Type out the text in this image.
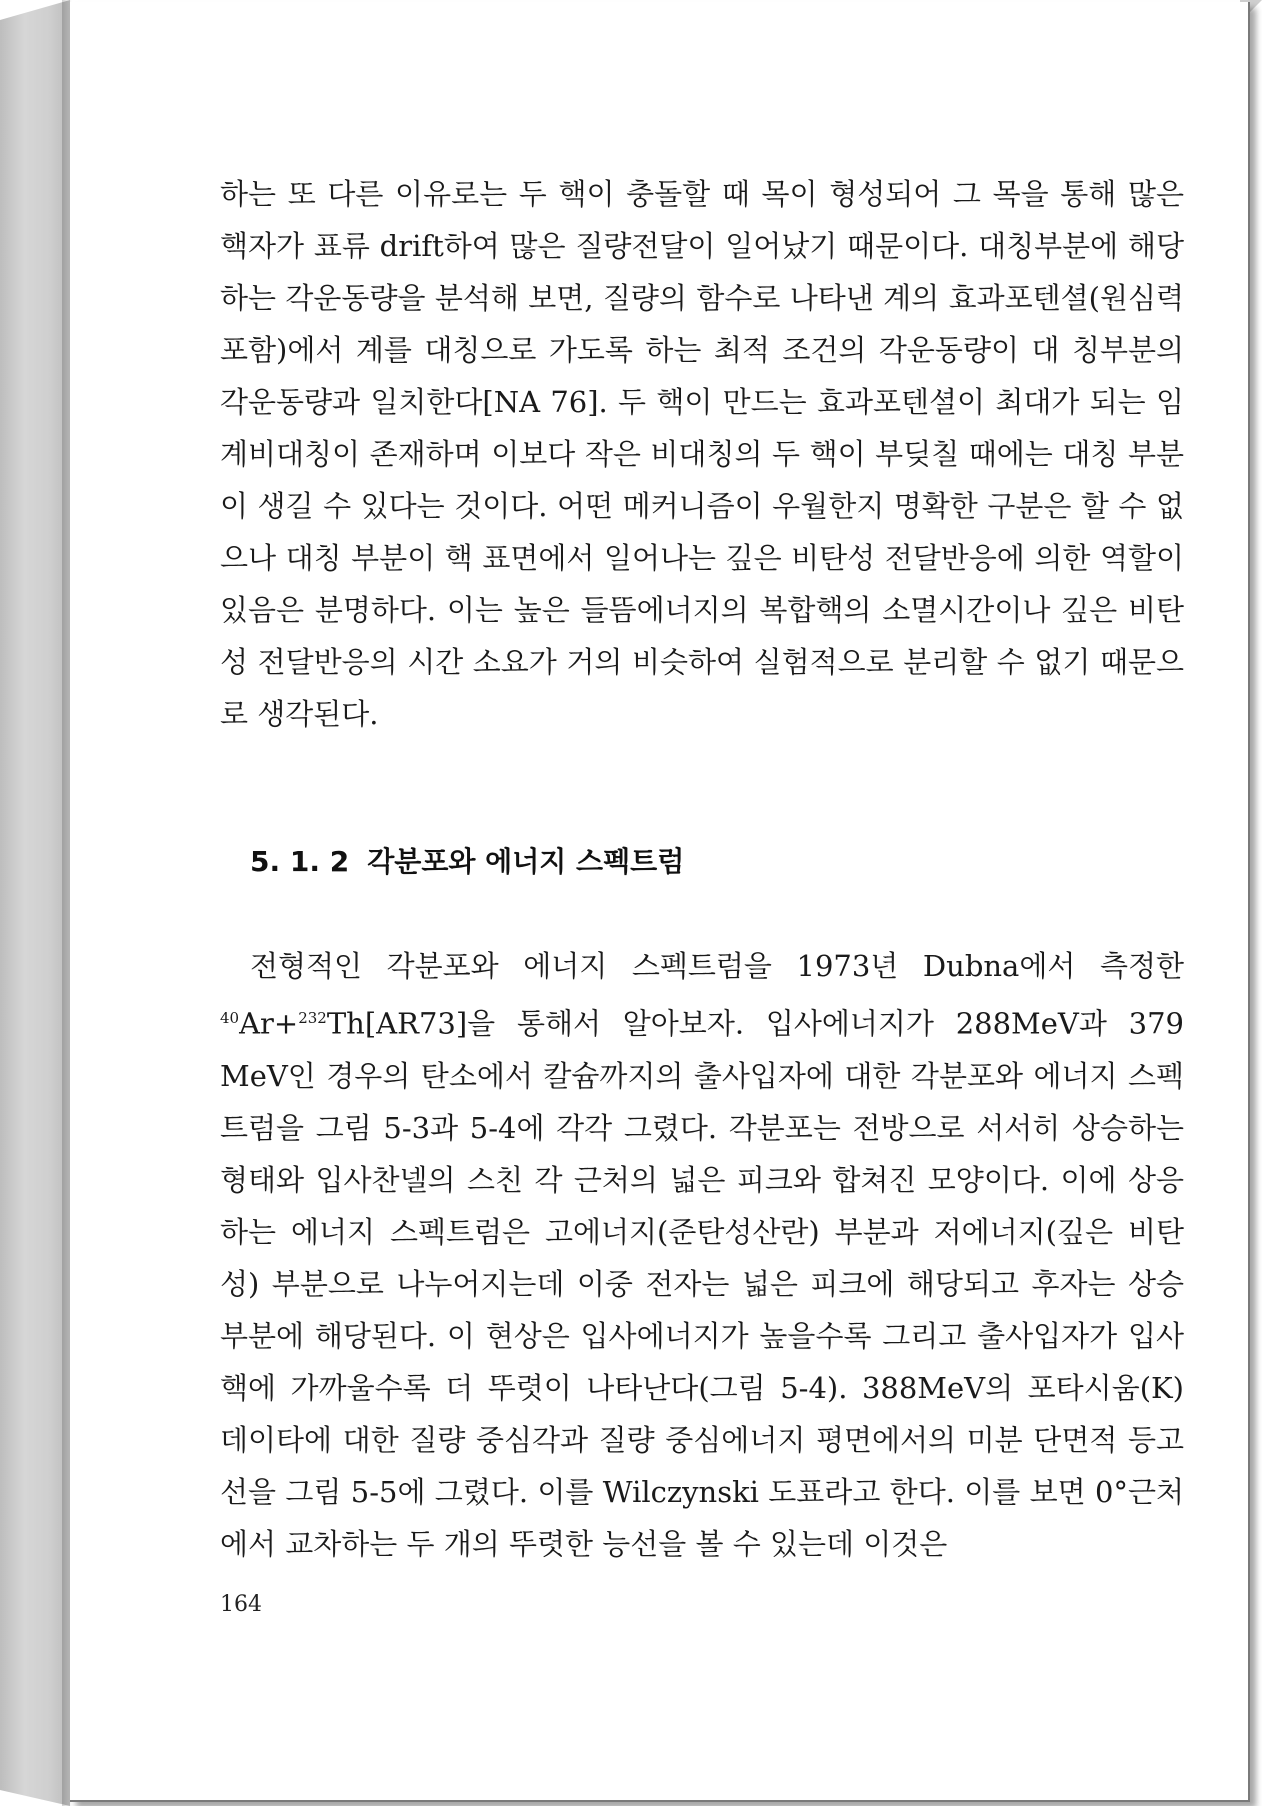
하는 또 다른 이유로는 두 핵이 충돌할 때 목이 형성되어 그 목을 통해 많은 핵자가 표류 drift하여 많은 질량전달이 일어났기 때문이다. 대칭부분에 해당하는 각운동량을 분석해 보면, 질량의 함수로 나타낸 계의 효과포텐셜(원심력포함)에서 계를 대칭으로 가도록 하는 최적 조건의 각운동량이 대 칭부분의 각운동량과 일치한다[NA 76]. 두 핵이 만드는 효과포텐셜이 최대가 되는 임계비대칭이 존재하며 이보다 작은 비대칭의 두 핵이 부딪칠 때에는 대칭 부분이 생길 수 있다는 것이다. 어떤 메커니즘이 우월한지 명확한 구분은 할 수 없으나 대칭 부분이 핵 표면에서 일어나는 깊은 비탄성 전달반응에 의한 역할이 있음은 분명하다. 이는 높은 들뜸에너지의 복합핵의 소멸시간이나 깊은 비탄성 전달반응의 시간 소요가 거의 비슷하여 실험적으로 분리할 수 없기 때문으로 생각된다.

5. 1. 2 각분포와 에너지 스펙트럼

전형적인 각분포와 에너지 스펙트럼을 1973년 Dubna에서 측정한 $^{40}$Ar+$^{232}$Th[AR73]을 통해서 알아보자. 입사에너지가 288MeV과 379 MeV인 경우의 탄소에서 칼슘까지의 출사입자에 대한 각분포와 에너지 스펙트럼을 그림 5-3과 5-4에 각각 그렸다. 각분포는 전방으로 서서히 상승하는 형태와 입사찬넬의 스친 각 근처의 넓은 피크와 합쳐진 모양이다. 이에 상응하는 에너지 스펙트럼은 고에너지(준탄성산란) 부분과 저에너지(깊은 비탄성) 부분으로 나누어지는데 이중 전자는 넓은 피크에 해당되고 후자는 상승 부분에 해당된다. 이 현상은 입사에너지가 높을수록 그리고 출사입자가 입사핵에 가까울수록 더 뚜렷이 나타난다(그림 5-4). 388MeV의 포타시움(K) 데이타에 대한 질량 중심각과 질량 중심에너지 평면에서의 미분 단면적 등고선을 그림 5-5에 그렸다. 이를 Wilczynski 도표라고 한다. 이를 보면 0°근처에서 교차하는 두 개의 뚜렷한 능선을 볼 수 있는데 이것은

164
